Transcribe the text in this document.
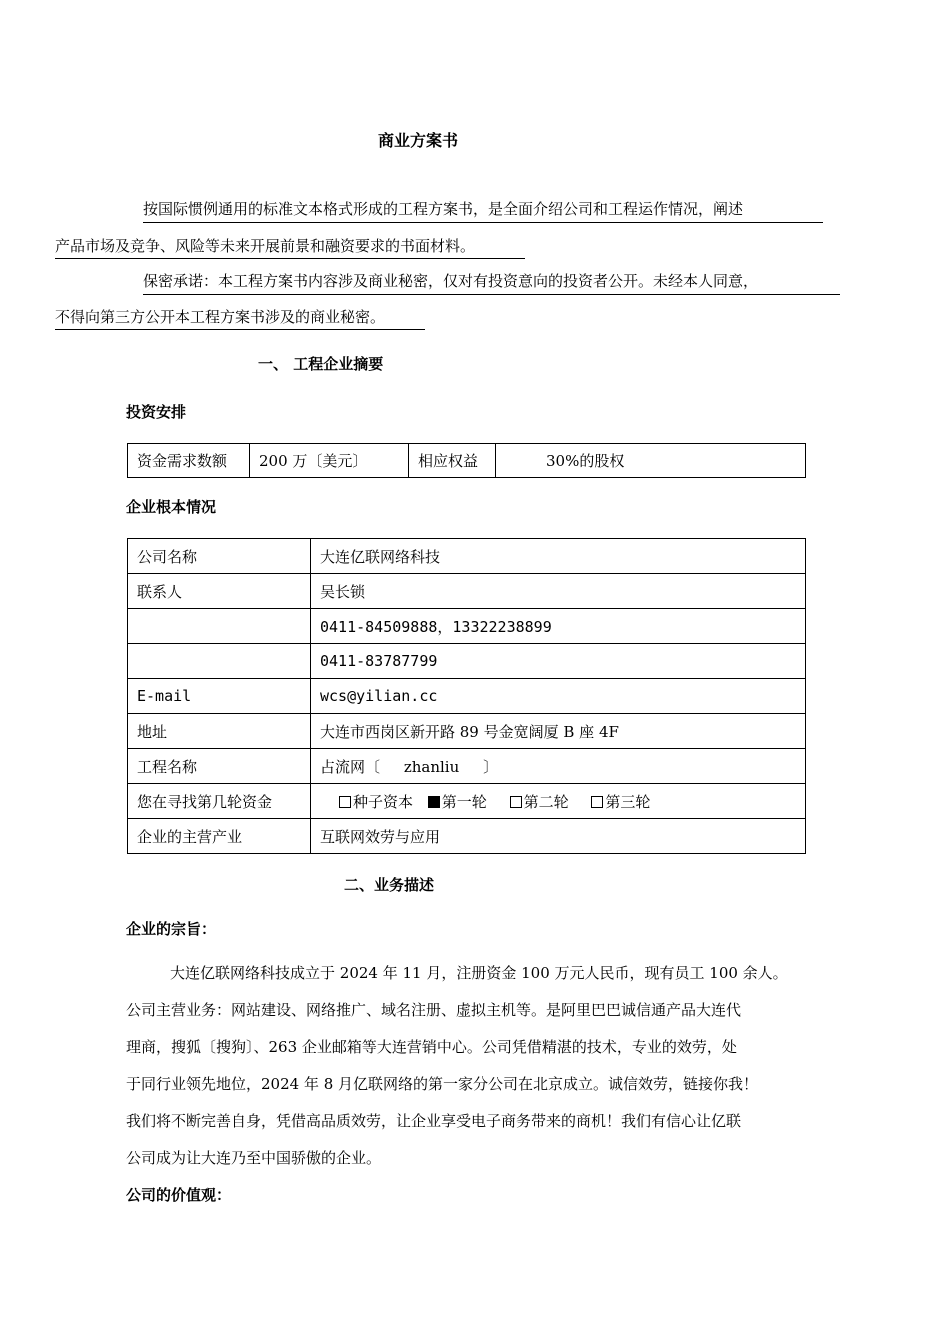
商业方案书
按国际惯例通用的标准文本格式形成的工程方案书，是全面介绍公司和工程运作情况，阐述
产品市场及竞争、风险等未来开展前景和融资要求的书面材料。
保密承诺：本工程方案书内容涉及商业秘密，仅对有投资意向的投资者公开。未经本人同意，
不得向第三方公开本工程方案书涉及的商业秘密。
一、 工程企业摘要
投资安排
资金需求数额	200 万〔美元〕	相应权益	30%的股权
企业根本情况
公司名称	大连亿联网络科技
联系人	吴长锁
	0411-84509888，13322238899
	0411-83787799
E-mail	wcs@yilian.cc
地址	大连市西岗区新开路 89 号金宽阔厦 B 座 4F
工程名称	占流网〔     zhanliu     〕
您在寻找第几轮资金	种子资本 第一轮 第二轮 第三轮
企业的主营产业	互联网效劳与应用
二、业务描述
企业的宗旨：
大连亿联网络科技成立于 2024 年 11 月，注册资金 100 万元人民币，现有员工 100 余人。
公司主营业务：网站建设、网络推广、域名注册、虚拟主机等。是阿里巴巴诚信通产品大连代
理商，搜狐〔搜狗〕、263 企业邮箱等大连营销中心。公司凭借精湛的技术，专业的效劳，处
于同行业领先地位，2024 年 8 月亿联网络的第一家分公司在北京成立。诚信效劳，链接你我！
我们将不断完善自身，凭借高品质效劳，让企业享受电子商务带来的商机！我们有信心让亿联
公司成为让大连乃至中国骄傲的企业。
公司的价值观：
